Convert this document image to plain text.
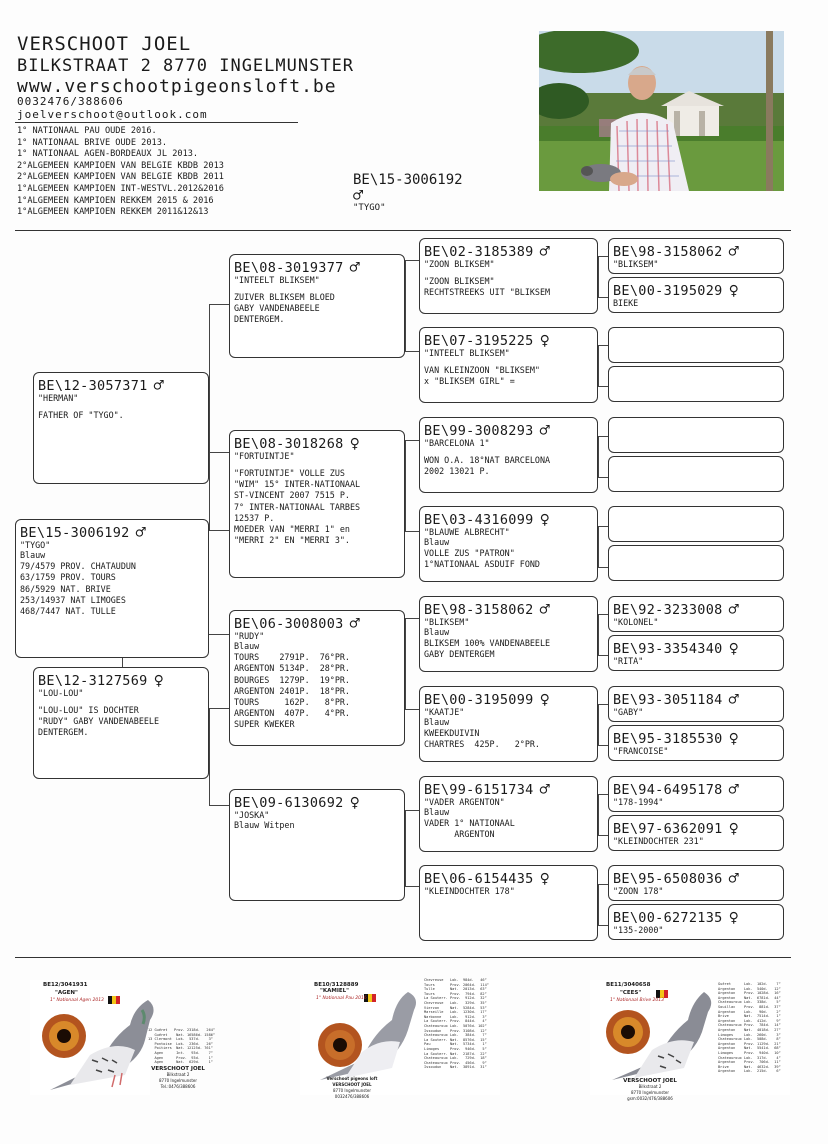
VERSCHOOT JOEL
BILKSTRAAT 2 8770 INGELMUNSTER
www.verschootpigeonsloft.be
0032476/388606
joelverschoot@outlook.com
1° NATIONAAL PAU OUDE 2016.
1° NATIONAAL BRIVE OUDE 2013.
1° NATIONAAL AGEN-BORDEAUX JL 2013.
2°ALGEMEEN KAMPIOEN VAN BELGIE KBDB 2013
2°ALGEMEEN KAMPIOEN VAN BELGIE KBDB 2011
1°ALGEMEEN KAMPIOEN INT-WESTVL.2012&2016
1°ALGEMEEN KAMPIOEN REKKEM 2015 & 2016
1°ALGEMEEN KAMPIOEN REKKEM 2011&12&13
BE\15-3006192
♂
"TYGO"
BE\15-3006192 ♂
"TYGO"
Blauw
79/4579 PROV. CHATAUDUN
63/1759 PROV. TOURS
86/5929 NAT. BRIVE
253/14937 NAT LIMOGES
468/7447 NAT. TULLE
BE\12-3057371 ♂
"HERMAN"
FATHER OF "TYGO".
BE\12-3127569 ♀
"LOU-LOU"
"LOU-LOU" IS DOCHTER
"RUDY" GABY VANDENABEELE
DENTERGEM.
BE\08-3019377 ♂
"INTEELT BLIKSEM"
ZUIVER BLIKSEM BLOED
GABY VANDENABEELE
DENTERGEM.
BE\08-3018268 ♀
"FORTUINTJE"
"FORTUINTJE" VOLLE ZUS
"WIM" 15° INTER-NATIONAAL
ST-VINCENT 2007 7515 P.
7° INTER-NATIONAAL TARBES
12537 P.
MOEDER VAN "MERRI 1" en
"MERRI 2" EN "MERRI 3".
BE\06-3008003 ♂
"RUDY"
Blauw
TOURS    2791P.  76°PR.
ARGENTON 5134P.  28°PR.
BOURGES  1279P.  19°PR.
ARGENTON 2401P.  18°PR.
TOURS     162P.   8°PR.
ARGENTON  407P.   4°PR.
SUPER KWEKER
BE\09-6130692 ♀
"JOSKA"
Blauw Witpen
BE\02-3185389 ♂
"ZOON BLIKSEM"
"ZOON BLIKSEM"
RECHTSTREEKS UIT "BLIKSEM
BE\07-3195225 ♀
"INTEELT BLIKSEM"
VAN KLEINZOON "BLIKSEM"
x "BLIKSEM GIRL" =
BE\99-3008293 ♂
"BARCELONA 1"
WON O.A. 18°NAT BARCELONA
2002 13021 P.
BE\03-4316099 ♀
"BLAUWE ALBRECHT"
Blauw
VOLLE ZUS "PATRON"
1°NATIONAAL ASDUIF FOND
BE\98-3158062 ♂
"BLIKSEM"
Blauw
BLIKSEM 100% VANDENABEELE
GABY DENTERGEM
BE\00-3195099 ♀
"KAATJE"
Blauw
KWEEKDUIVIN
CHARTRES  425P.   2°PR.
BE\99-6151734 ♂
"VADER ARGENTON"
Blauw
VADER 1° NATIONAAL
ARGENTON
BE\06-6154435 ♀
"KLEINDOCHTER 178"
BE\98-3158062 ♂
"BLIKSEM"
BE\00-3195029 ♀
BIEKE
BE\92-3233008 ♂
"KOLONEL"
BE\93-3354340 ♀
"RITA"
BE\93-3051184 ♂
"GABY"
BE\95-3185530 ♀
"FRANCOISE"
BE\94-6495178 ♂
"178-1994"
BE\97-6362091 ♀
"KLEINDOCHTER 231"
BE\95-6508036 ♂
"ZOON 178"
BE\00-6272135 ♀
"135-2000"
BE12/3041931
"AGEN"
1° Nationaal Agen 2013
12 Guéret   Prov. 2318d.   264°
Guéret    Nat. 16586d. 1586°
13 Clermont  Lok.  537d.    3°
Pontoise  Lok.  236d.   26°
Poitiers  Nat. 12125d. 761°
Agen      Int.   93d.    7°
Agen      Prov.  93d.    1°
Agen      Nat.  629d.    1°
VERSCHOOT JOEL
Bilkstraat 2
8770 Ingelmunster
Tel.:0476/388606
BE10/3128889
"KAMIEL"
1° Nationaal Pau 2016
Chevreuse   Lok.  984d.   46°
Tours       Prov. 2064d.  114°
Tulle       Nat.  2013d.  63°
Tours       Prov.  794d.  82°
La Souterr. Prov.  912d.  32°
Chevreuse   Lok.   329d.  35°
Vierzon     Nat.  5284d.  53°
Marseille   Lok.  1230d.  17°
Narbonne    Lok.   912d.   3°
La Souterr. Prov.  844d.   4°
Chateauroux Lok.  5076d. 102°
Issoudun    Prov. 3108d.  12°
Chateauroux Lok.   384d.   7°
La Souterr. Nat.  8576d.  15°
Pau         Nat.  5734d.   1°
Limoges     Prov.  946d.   5°
La Souterr. Nat.  2187d.  22°
Chateauroux Lok.   729d.  18°
Chateauroux Prov.  456d.   9°
Issoudun    Nat.  3891d.  31°
Verschoot pigeons loft
VERSCHOOT JOEL
8770 Ingelmunster
0032476/388606
BE11/3040658
"CEES"
1° Nationaal Brive 2013
Guéret      Lok.  102d.    7°
Argenton    Lok.  540d.   12°
Argenton    Prov. 1028d.  16°
Argenton    Nat.  6781d.  44°
Chateauroux Lok.  338d.    5°
Souillac    Prov.  881d.  37°
Argenton    Lok.   90d.    2°
Brive       Nat.  7514d.   1°
Argenton    Lok.  412d.    9°
Chateauroux Prov.  784d.  14°
Argenton    Nat.  4018d.  27°
Limoges     Lok.  260d.    3°
Chateauroux Lok.  508d.    8°
Argenton    Prov. 1129d.  21°
Argenton    Nat.  5541d.  68°
Limoges     Prov.  940d.  10°
Chateauroux Lok.  317d.    4°
Argenton    Prov.  706d.  11°
Brive       Nat.  4632d.  39°
Argenton    Lok.  215d.    6°
VERSCHOOT JOEL
Bilkstraat 2
8770 Ingelmunster
gsm:0032/476/388606
